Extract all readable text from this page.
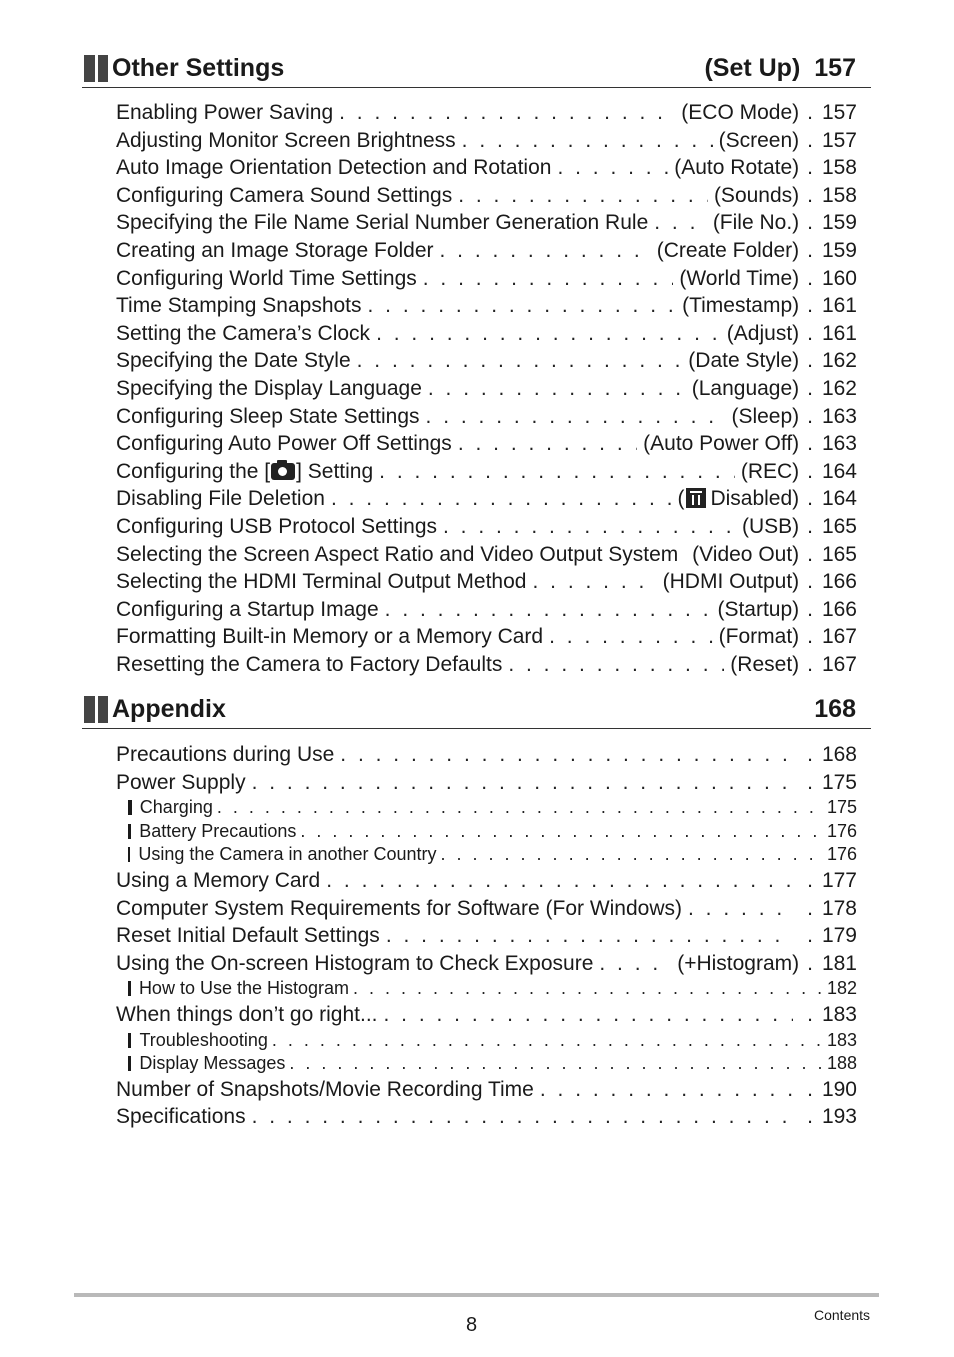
Other Settings	(Set Up) 157
Enabling Power Saving . . .	(ECO Mode) . 157
Adjusting Monitor Screen Brightness . . .	(Screen) . 157
Auto Image Orientation Detection and Rotation . . .	(Auto Rotate) . 158
Configuring Camera Sound Settings . . .	(Sounds) . 158
Specifying the File Name Serial Number Generation Rule . . .	(File No.) . 159
Creating an Image Storage Folder . . .	(Create Folder) . 159
Configuring World Time Settings . . .	(World Time) . 160
Time Stamping Snapshots . . .	(Timestamp) . 161
Setting the Camera’s Clock . . .	(Adjust) . 161
Specifying the Date Style . . .	(Date Style) . 162
Specifying the Display Language . . .	(Language) . 162
Configuring Sleep State Settings . . .	(Sleep) . 163
Configuring Auto Power Off Settings . . .	(Auto Power Off) . 163
Configuring the [ ] Setting . . .	(REC) . 164
Disabling File Deletion . . .	( Disabled) . 164
Configuring USB Protocol Settings . . .	(USB) . 165
Selecting the Screen Aspect Ratio and Video Output System (Video Out) . 165
Selecting the HDMI Terminal Output Method . . .	(HDMI Output) . 166
Configuring a Startup Image . . .	(Startup) . 166
Formatting Built-in Memory or a Memory Card . . .	(Format) . 167
Resetting the Camera to Factory Defaults . . .	(Reset) . 167
Appendix	168
Precautions during Use . . .	. 168
Power Supply . . .	. 175
Charging . . .	175
Battery Precautions . . .	176
Using the Camera in another Country . . .	176
Using a Memory Card . . .	. 177
Computer System Requirements for Software (For Windows) . . .	. 178
Reset Initial Default Settings . . .	. 179
Using the On-screen Histogram to Check Exposure . . .	(+Histogram) . 181
How to Use the Histogram . . .	182
When things don’t go right... . . .	. 183
Troubleshooting . . .	183
Display Messages . . .	188
Number of Snapshots/Movie Recording Time . . .	. 190
Specifications . . .	. 193
8	Contents
